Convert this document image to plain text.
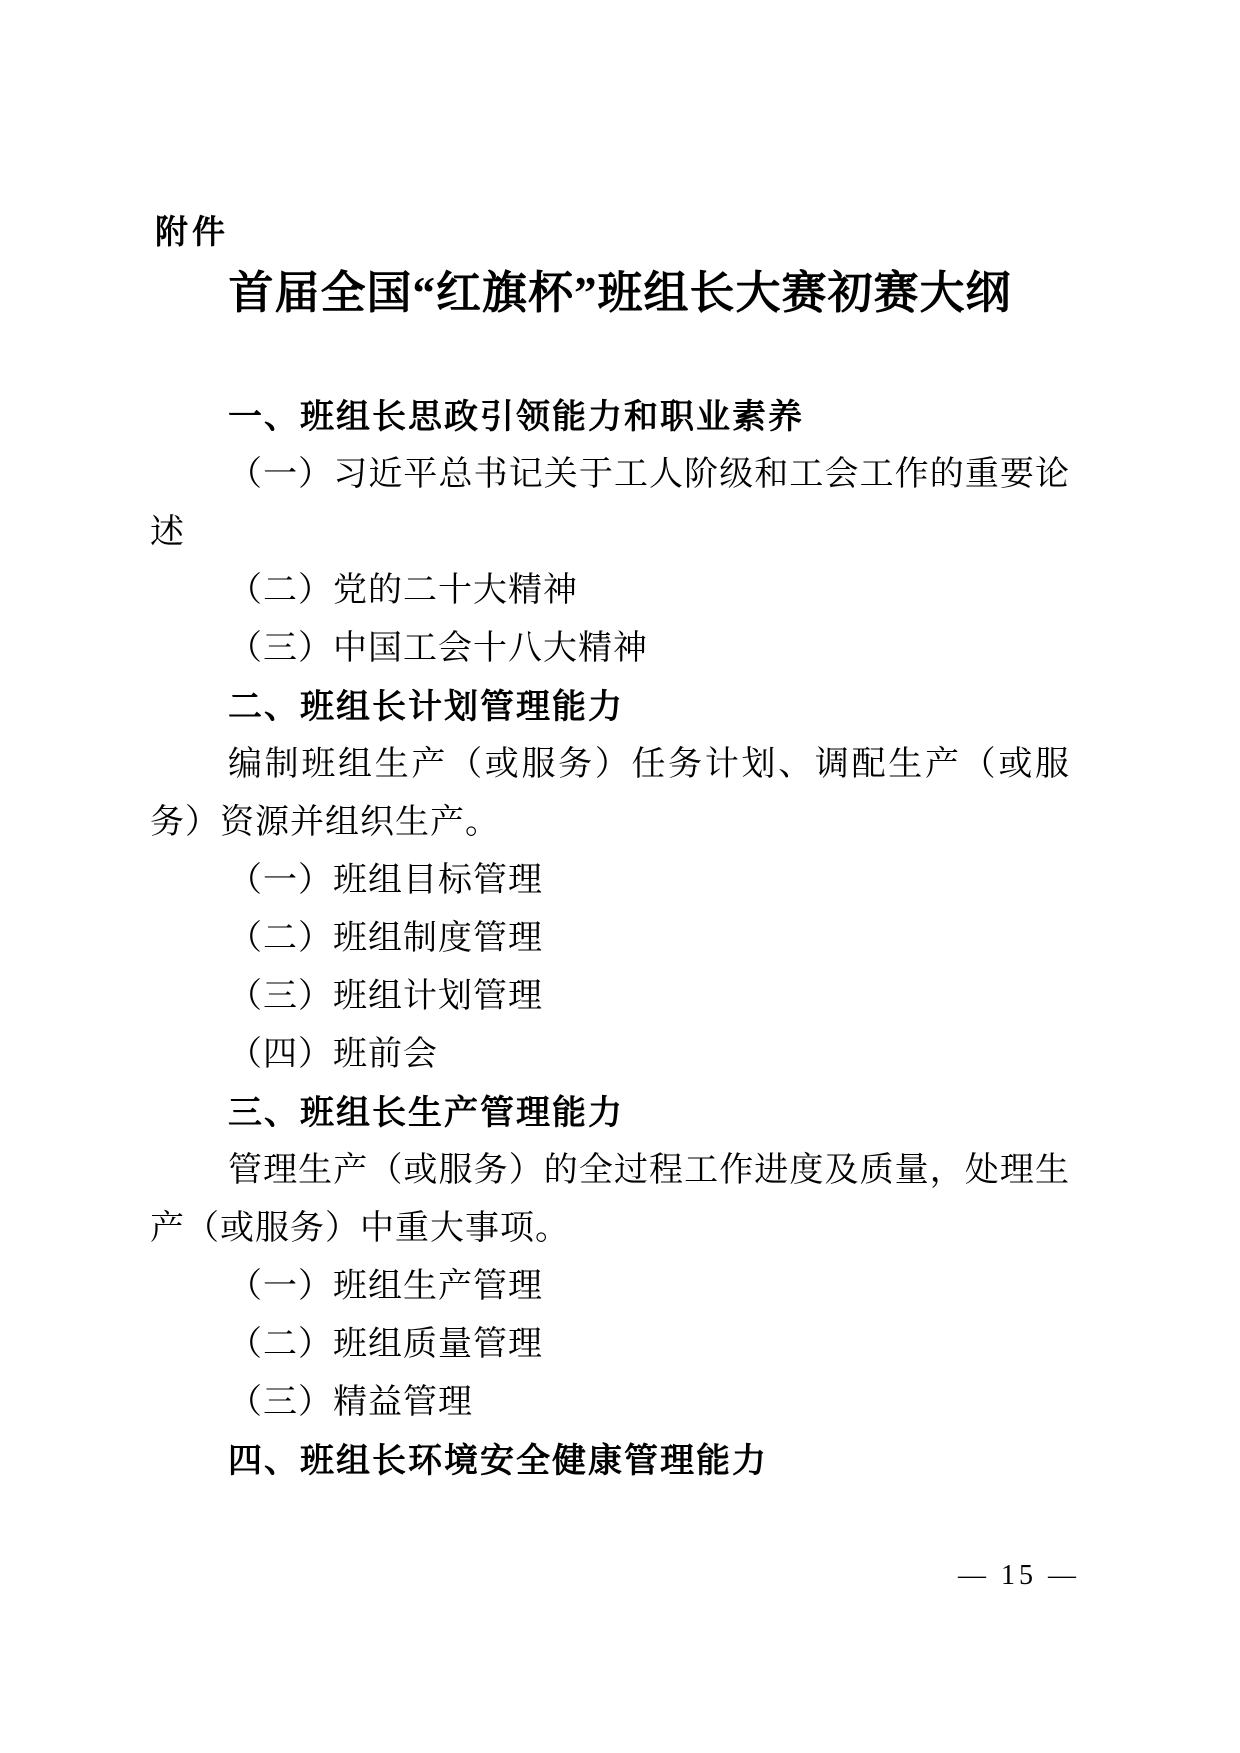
附件
首届全国“红旗杯”班组长大赛初赛大纲

一、班组长思政引领能力和职业素养

（一）习近平总书记关于工人阶级和工会工作的重要论述

（二）党的二十大精神

（三）中国工会十八大精神

二、班组长计划管理能力

编制班组生产（或服务）任务计划、调配生产（或服务）资源并组织生产。

（一）班组目标管理

（二）班组制度管理

（三）班组计划管理

（四）班前会

三、班组长生产管理能力

管理生产（或服务）的全过程工作进度及质量，处理生产（或服务）中重大事项。

（一）班组生产管理

（二）班组质量管理

（三）精益管理

四、班组长环境安全健康管理能力

— 15 —
